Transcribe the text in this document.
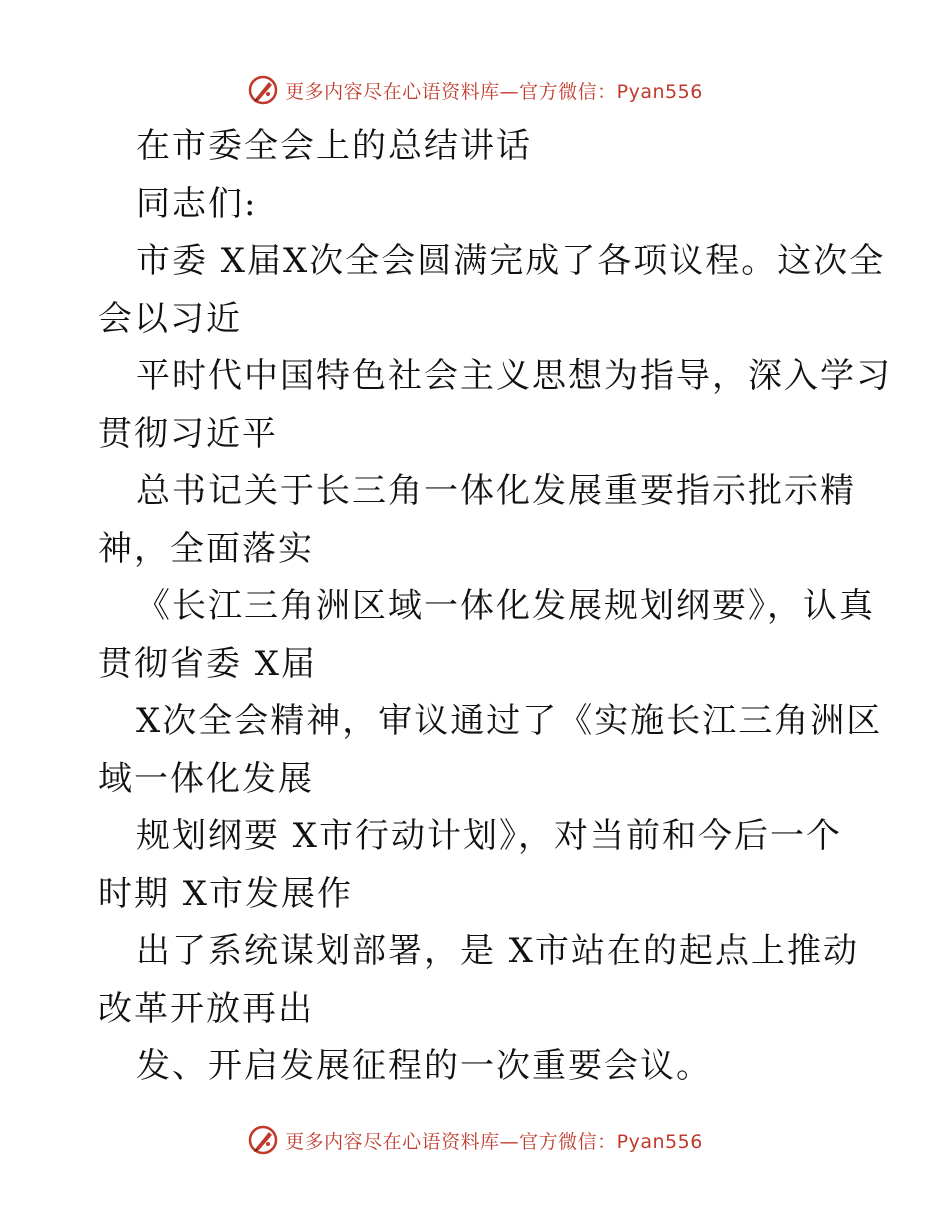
更多内容尽在心语资料库—官方微信：Pyan556
在市委全会上的总结讲话
同志们:
市委 X届X次全会圆满完成了各项议程。这次全
会以习近
平时代中国特色社会主义思想为指导，深入学习
贯彻习近平
总书记关于长三角一体化发展重要指示批示精
神，全面落实
《长江三角洲区域一体化发展规划纲要》，认真
贯彻省委 X届
X次全会精神，审议通过了《实施长江三角洲区
域一体化发展
规划纲要 X市行动计划》，对当前和今后一个
时期 X市发展作
出了系统谋划部署，是 X市站在的起点上推动
改革开放再出
发、开启发展征程的一次重要会议。
更多内容尽在心语资料库—官方微信：Pyan556
